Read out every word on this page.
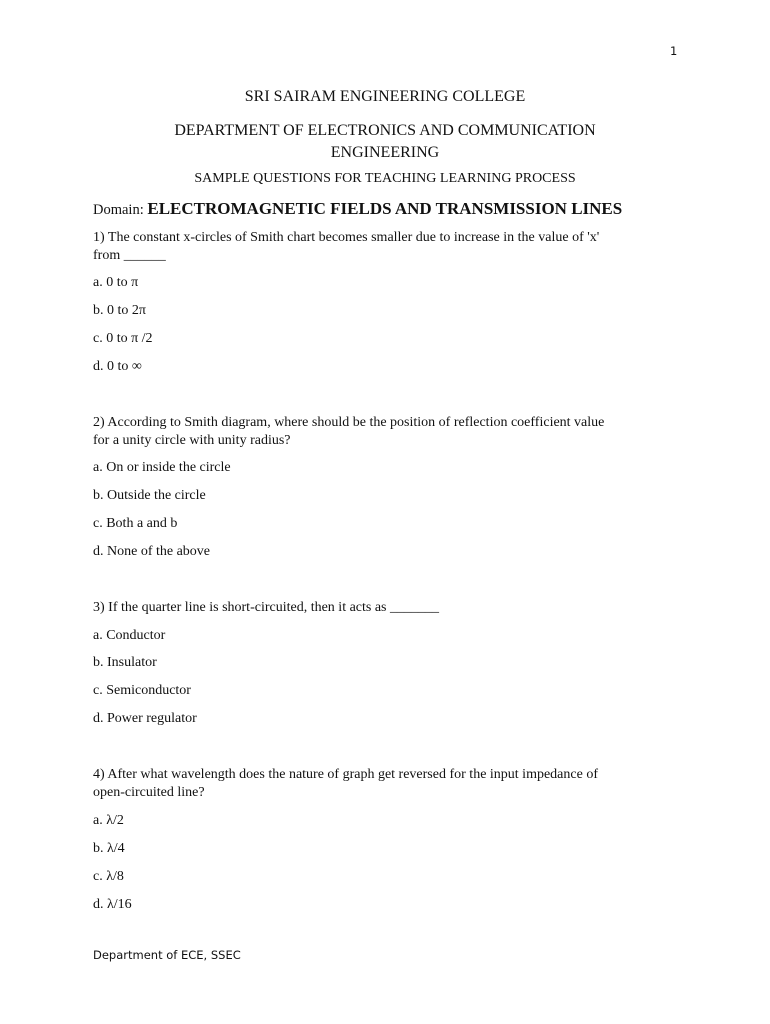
1
SRI SAIRAM ENGINEERING COLLEGE
DEPARTMENT OF ELECTRONICS AND COMMUNICATION
ENGINEERING
SAMPLE QUESTIONS FOR TEACHING LEARNING PROCESS
Domain: ELECTROMAGNETIC FIELDS AND TRANSMISSION LINES
1) The constant x-circles of Smith chart becomes smaller due to increase in the value of 'x'
from ______
a. 0 to π
b. 0 to 2π
c. 0 to π /2
d. 0 to ∞
2) According to Smith diagram, where should be the position of reflection coefficient value
for a unity circle with unity radius?
a. On or inside the circle
b. Outside the circle
c. Both a and b
d. None of the above
3) If the quarter line is short-circuited, then it acts as _______
a. Conductor
b. Insulator
c. Semiconductor
d. Power regulator
4) After what wavelength does the nature of graph get reversed for the input impedance of
open-circuited line?
a. λ/2
b. λ/4
c. λ/8
d. λ/16
Department of ECE, SSEC
